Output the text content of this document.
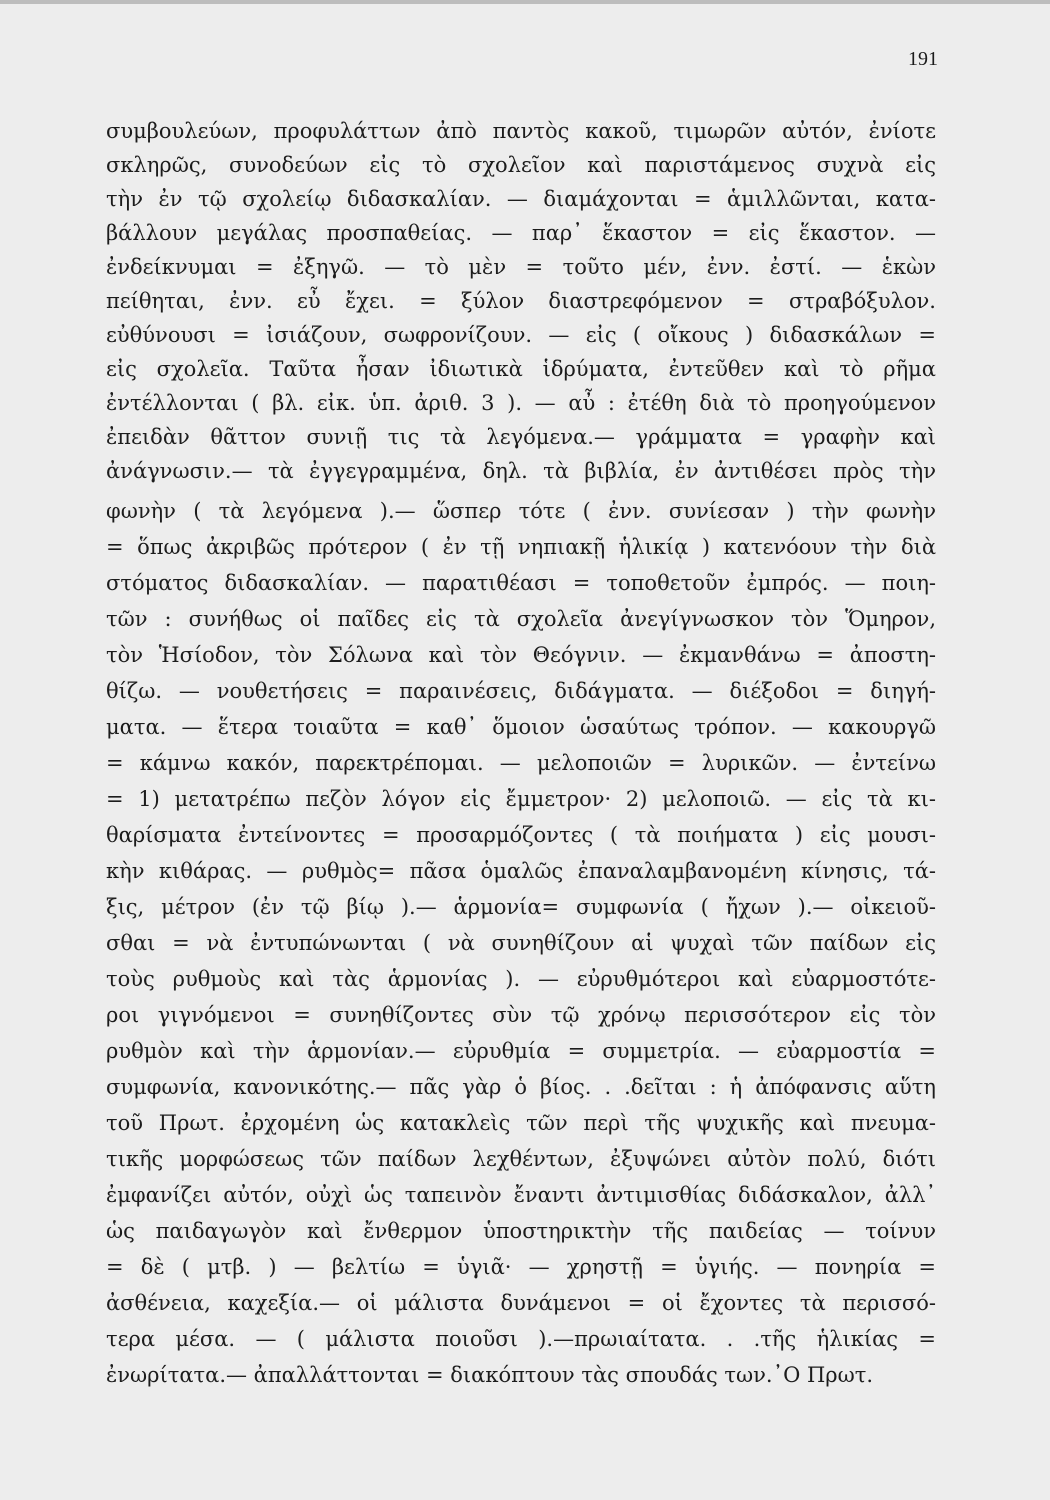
191
συμβουλεύων, προφυλάττων ἀπὸ παντὸς κακοῦ, τιμωρῶν αὐτόν, ἐνίοτε
σκληρῶς, συνοδεύων εἰς τὸ σχολεῖον καὶ παριστάμενος συχνὰ εἰς
τὴν ἐν τῷ σχολείῳ διδασκαλίαν. — διαμάχονται = ἁμιλλῶνται, κατα-
βάλλουν μεγάλας προσπαθείας. — παρ᾽ ἕκαστον = εἰς ἕκαστον. —
ἐνδείκνυμαι = ἐξηγῶ. — τὸ μὲν = τοῦτο μέν, ἐνν. ἐστί. — ἑκὼν
πείθηται, ἐνν. εὖ ἔχει. = ξύλον διαστρεφόμενον = στραβόξυλον.
εὐθύνουσι = ἰσιάζουν, σωφρονίζουν. — εἰς ( οἴκους ) διδασκάλων =
εἰς σχολεῖα. Ταῦτα ἦσαν ἰδιωτικὰ ἱδρύματα, ἐντεῦθεν καὶ τὸ ρῆμα
ἐντέλλονται ( βλ. εἰκ. ὑπ. ἀριθ. 3 ). — αὖ : ἐτέθη διὰ τὸ προηγούμενον
ἐπειδὰν θᾶττον συνιῇ τις τὰ λεγόμενα.— γράμματα = γραφὴν καὶ
ἀνάγνωσιν.— τὰ ἐγγεγραμμένα, δηλ. τὰ βιβλία, ἐν ἀντιθέσει πρὸς τὴν
φωνὴν ( τὰ λεγόμενα ).— ὥσπερ τότε ( ἐνν. συνίεσαν ) τὴν φωνὴν
= ὅπως ἀκριβῶς πρότερον ( ἐν τῇ νηπιακῇ ἡλικίᾳ ) κατενόουν τὴν διὰ
στόματος διδασκαλίαν. — παρατιθέασι = τοποθετοῦν ἐμπρός. — ποιη-
τῶν : συνήθως οἱ παῖδες εἰς τὰ σχολεῖα ἀνεγίγνωσκον τὸν Ὅμηρον,
τὸν Ἡσίοδον, τὸν Σόλωνα καὶ τὸν Θεόγνιν. — ἐκμανθάνω = ἀποστη-
θίζω. — νουθετήσεις = παραινέσεις, διδάγματα. — διέξοδοι = διηγή-
ματα. — ἕτερα τοιαῦτα = καθ᾽ ὅμοιον ὡσαύτως τρόπον. — κακουργῶ
= κάμνω κακόν, παρεκτρέπομαι. — μελοποιῶν = λυρικῶν. — ἐντείνω
= 1) μετατρέπω πεζὸν λόγον εἰς ἔμμετρον· 2) μελοποιῶ. — εἰς τὰ κι-
θαρίσματα ἐντείνοντες = προσαρμόζοντες ( τὰ ποιήματα ) εἰς μουσι-
κὴν κιθάρας. — ρυθμὸς= πᾶσα ὁμαλῶς ἐπαναλαμβανομένη κίνησις, τά-
ξις, μέτρον (ἐν τῷ βίῳ ).— ἁρμονία= συμφωνία ( ἤχων ).— οἰκειοῦ-
σθαι = νὰ ἐντυπώνωνται ( νὰ συνηθίζουν αἱ ψυχαὶ τῶν παίδων εἰς
τοὺς ρυθμοὺς καὶ τὰς ἁρμονίας ). — εὐρυθμότεροι καὶ εὐαρμοστότε-
ροι γιγνόμενοι = συνηθίζοντες σὺν τῷ χρόνῳ περισσότερον εἰς τὸν
ρυθμὸν καὶ τὴν ἁρμονίαν.— εὐρυθμία = συμμετρία. — εὐαρμοστία =
συμφωνία, κανονικότης.— πᾶς γὰρ ὁ βίος. . .δεῖται : ἡ ἀπόφανσις αὕτη
τοῦ Πρωτ. ἐρχομένη ὡς κατακλεὶς τῶν περὶ τῆς ψυχικῆς καὶ πνευμα-
τικῆς μορφώσεως τῶν παίδων λεχθέντων, ἐξυψώνει αὐτὸν πολύ, διότι
ἐμφανίζει αὐτόν, οὐχὶ ὡς ταπεινὸν ἔναντι ἀντιμισθίας διδάσκαλον, ἀλλ᾽
ὡς παιδαγωγὸν καὶ ἔνθερμον ὑποστηρικτὴν τῆς παιδείας — τοίνυν
= δὲ ( μτβ. ) — βελτίω = ὑγιᾶ· — χρηστῇ = ὑγιής. — πονηρία =
ἀσθένεια, καχεξία.— οἱ μάλιστα δυνάμενοι = οἱ ἔχοντες τὰ περισσό-
τερα μέσα. — ( μάλιστα ποιοῦσι ).—πρωιαίτατα. . .τῆς ἡλικίας =
ἐνωρίτατα.— ἀπαλλάττονται = διακόπτουν τὰς σπουδάς των.᾽Ο Πρωτ.
